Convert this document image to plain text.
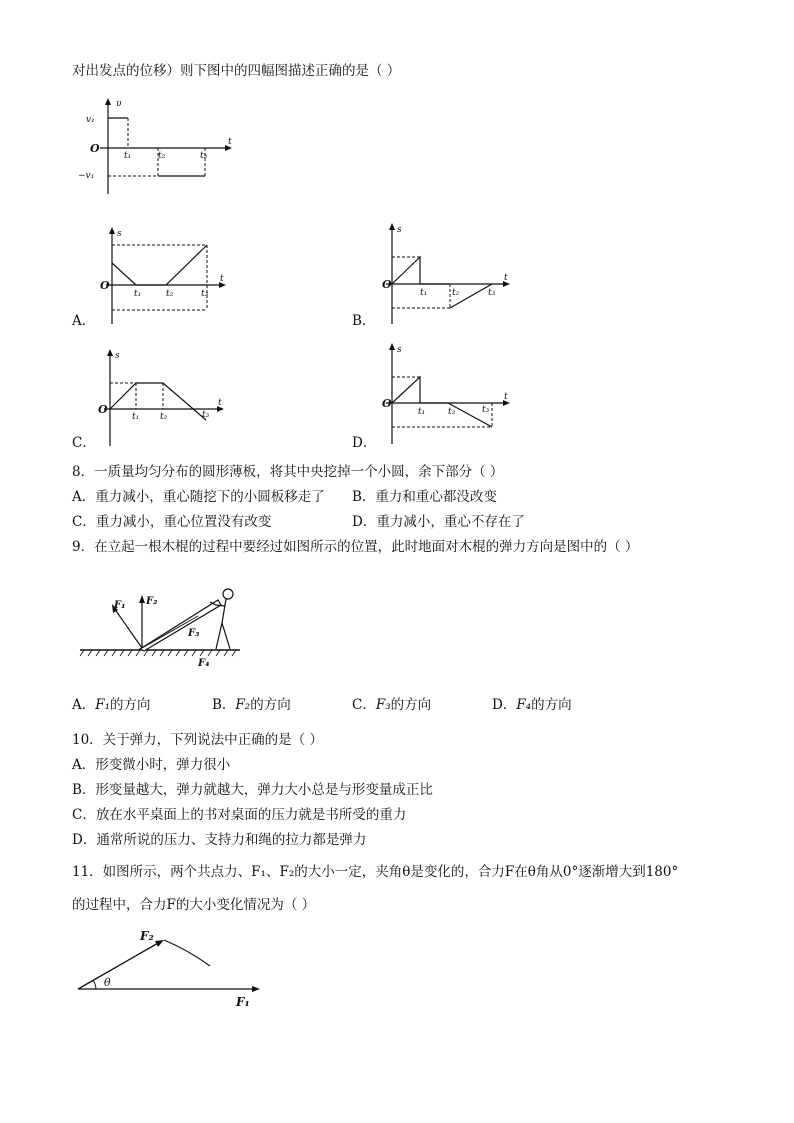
对出发点的位移）则下图中的四幅图描述正确的是（ ）
υ
t
O
v₁
−v₁
t₁	t₂	t₃
s
t
O
t₁	t₂	t₃
A．
s
t
O
t₁	t₂	t₃
B．
s
t
O
t₁ t₂	t₃
C．
s
t
O
t₁	t₂	t₃
D．
8．一质量均匀分布的圆形薄板，将其中央挖掉一个小圆，余下部分（ ）
A．重力减小，重心随挖下的小圆板移走了 B．重力和重心都没改变
C．重力减小，重心位置没有改变	D．重力减小，重心不存在了
9．在立起一根木棍的过程中要经过如图所示的位置，此时地面对木棍的弹力方向是图中的（ ）
F₁ F₂
F₃
F₄
A．F₁的方向	B．F₂的方向	C．F₃的方向	D．F₄的方向
10．关于弹力，下列说法中正确的是（ ）
A．形变微小时，弹力很小
B．形变量越大，弹力就越大，弹力大小总是与形变量成正比
C．放在水平桌面上的书对桌面的压力就是书所受的重力
D．通常所说的压力、支持力和绳的拉力都是弹力
11．如图所示，两个共点力、F₁、F₂的大小一定，夹角θ是变化的，合力F在θ角从0°逐渐增大到180°
的过程中，合力F的大小变化情况为（ ）
F₂
F₁
θ
